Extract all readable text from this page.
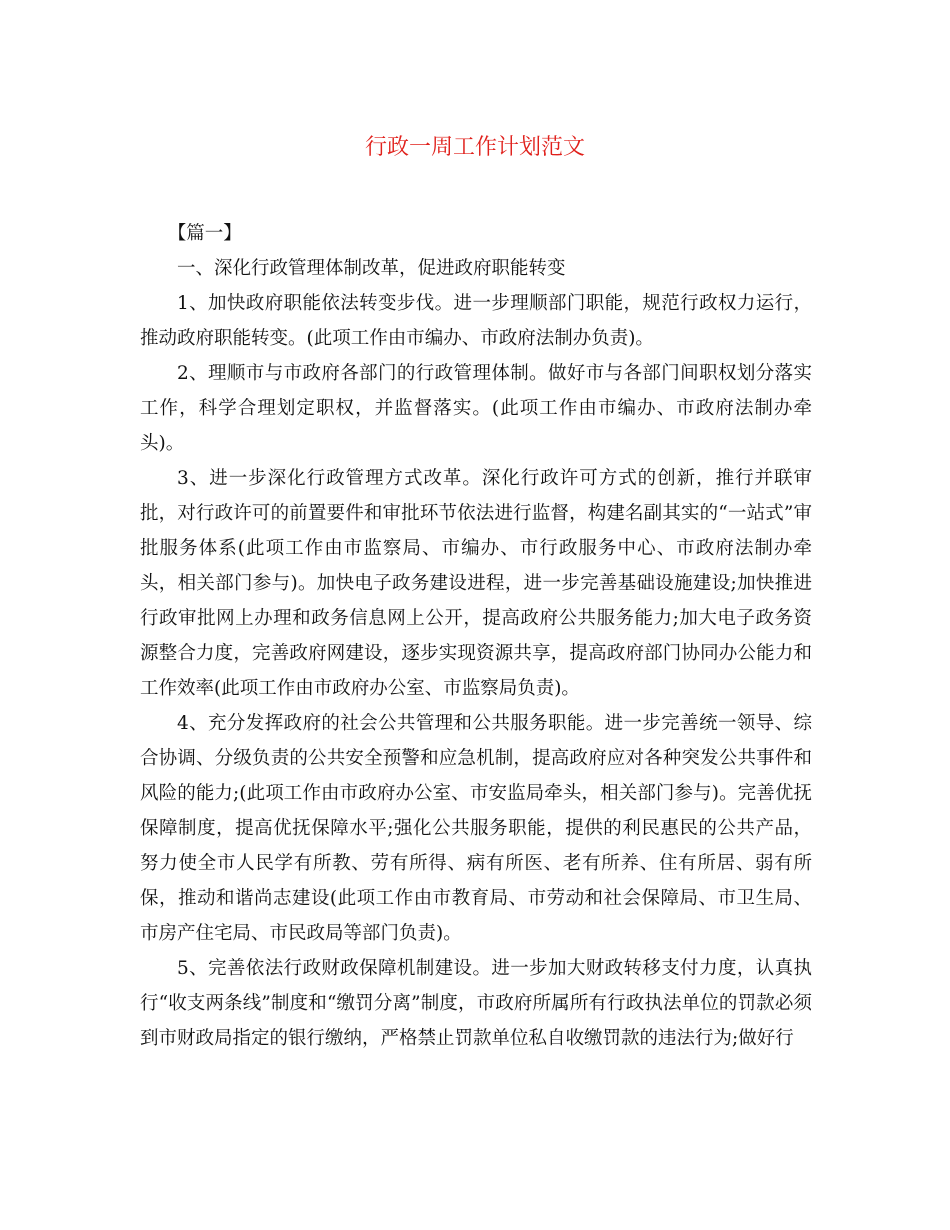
行政一周工作计划范文

【篇一】

一、深化行政管理体制改革，促进政府职能转变

1、加快政府职能依法转变步伐。进一步理顺部门职能，规范行政权力运行，推动政府职能转变。(此项工作由市编办、市政府法制办负责)。

2、理顺市与市政府各部门的行政管理体制。做好市与各部门间职权划分落实工作，科学合理划定职权，并监督落实。(此项工作由市编办、市政府法制办牵头)。

3、进一步深化行政管理方式改革。深化行政许可方式的创新，推行并联审批，对行政许可的前置要件和审批环节依法进行监督，构建名副其实的“一站式”审批服务体系(此项工作由市监察局、市编办、市行政服务中心、市政府法制办牵头，相关部门参与)。加快电子政务建设进程，进一步完善基础设施建设;加快推进行政审批网上办理和政务信息网上公开，提高政府公共服务能力;加大电子政务资源整合力度，完善政府网建设，逐步实现资源共享，提高政府部门协同办公能力和工作效率(此项工作由市政府办公室、市监察局负责)。

4、充分发挥政府的社会公共管理和公共服务职能。进一步完善统一领导、综合协调、分级负责的公共安全预警和应急机制，提高政府应对各种突发公共事件和风险的能力;(此项工作由市政府办公室、市安监局牵头，相关部门参与)。完善优抚保障制度，提高优抚保障水平;强化公共服务职能，提供的利民惠民的公共产品，努力使全市人民学有所教、劳有所得、病有所医、老有所养、住有所居、弱有所保，推动和谐尚志建设(此项工作由市教育局、市劳动和社会保障局、市卫生局、市房产住宅局、市民政局等部门负责)。

5、完善依法行政财政保障机制建设。进一步加大财政转移支付力度，认真执行“收支两条线”制度和“缴罚分离”制度，市政府所属所有行政执法单位的罚款必须到市财政局指定的银行缴纳，严格禁止罚款单位私自收缴罚款的违法行为;做好行
